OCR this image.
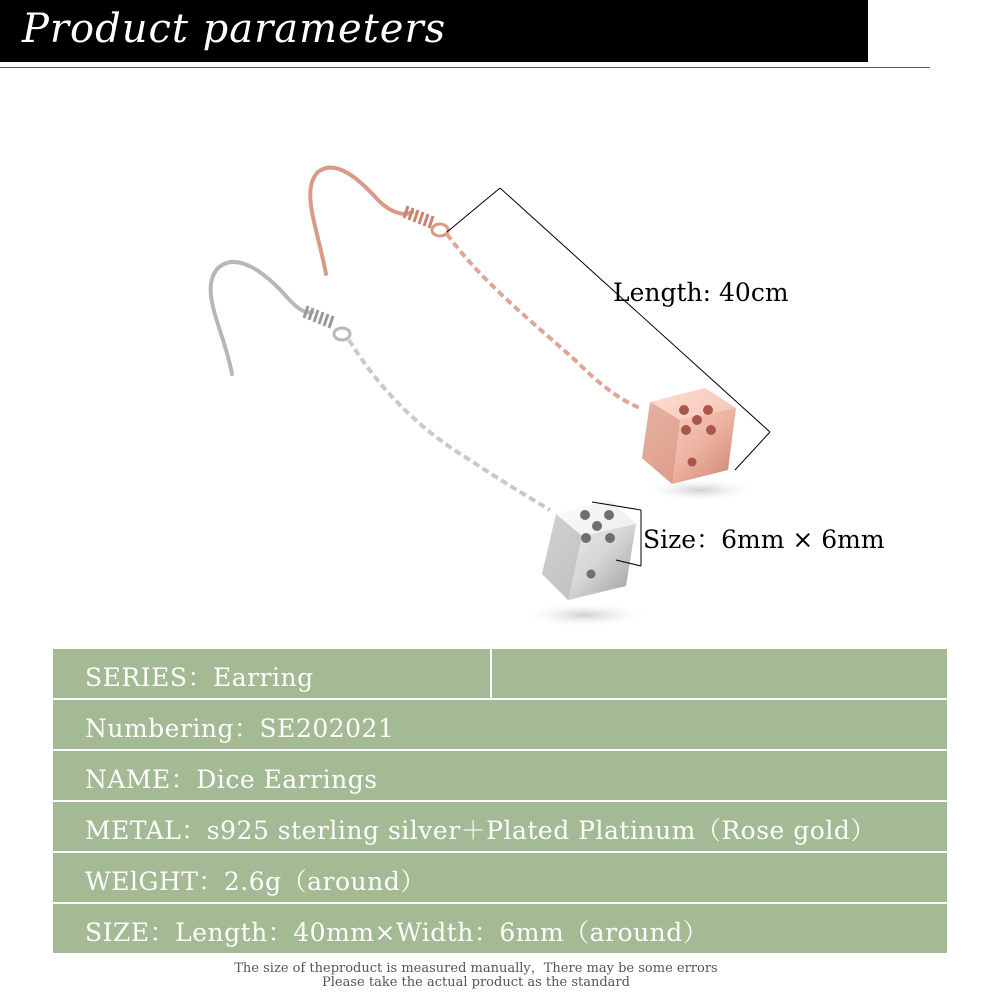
Product parameters
Length: 40cm
Size：6mm × 6mm
SERIES：Earring
Numbering：SE202021
NAME：Dice Earrings
METAL：s925 sterling silver＋Plated Platinum（Rose gold）
WElGHT：2.6g（around）
SIZE：Length：40mm×Width：6mm（around）
The size of theproduct is measured manually，There may be some errors
Please take the actual product as the standard
